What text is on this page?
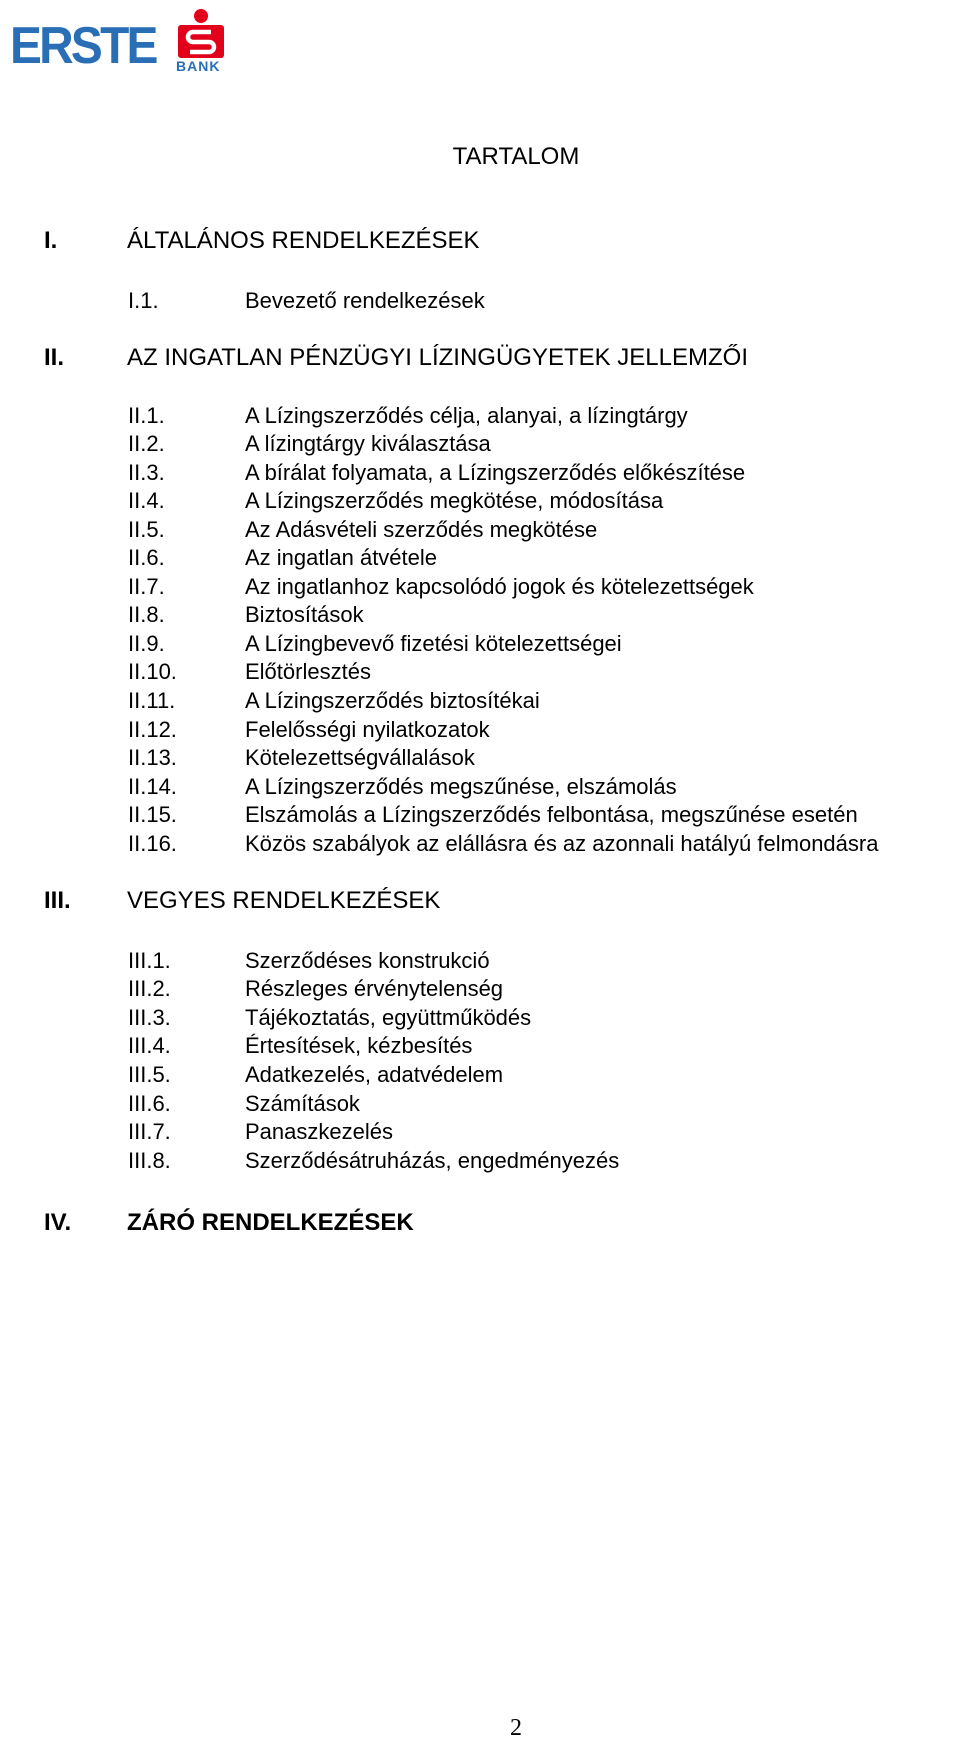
ERSTE BANK
TARTALOM
I.	ÁLTALÁNOS RENDELKEZÉSEK
I.1.	Bevezető rendelkezések
II.	AZ INGATLAN PÉNZÜGYI LÍZINGÜGYETEK JELLEMZŐI
II.1.	A Lízingszerződés célja, alanyai, a lízingtárgy
II.2.	A lízingtárgy kiválasztása
II.3.	A bírálat folyamata, a Lízingszerződés előkészítése
II.4.	A Lízingszerződés megkötése, módosítása
II.5.	Az Adásvételi szerződés megkötése
II.6.	Az ingatlan átvétele
II.7.	Az ingatlanhoz kapcsolódó jogok és kötelezettségek
II.8.	Biztosítások
II.9.	A Lízingbevevő fizetési kötelezettségei
II.10.	Előtörlesztés
II.11.	A Lízingszerződés biztosítékai
II.12.	Felelősségi nyilatkozatok
II.13.	Kötelezettségvállalások
II.14.	A Lízingszerződés megszűnése, elszámolás
II.15.	Elszámolás a Lízingszerződés felbontása, megszűnése esetén
II.16.	Közös szabályok az elállásra és az azonnali hatályú felmondásra
III. VEGYES RENDELKEZÉSEK
III.1.	Szerződéses konstrukció
III.2.	Részleges érvénytelenség
III.3.	Tájékoztatás, együttműködés
III.4.	Értesítések, kézbesítés
III.5.	Adatkezelés, adatvédelem
III.6.	Számítások
III.7.	Panaszkezelés
III.8.	Szerződésátruházás, engedményezés
IV. ZÁRÓ RENDELKEZÉSEK
2
